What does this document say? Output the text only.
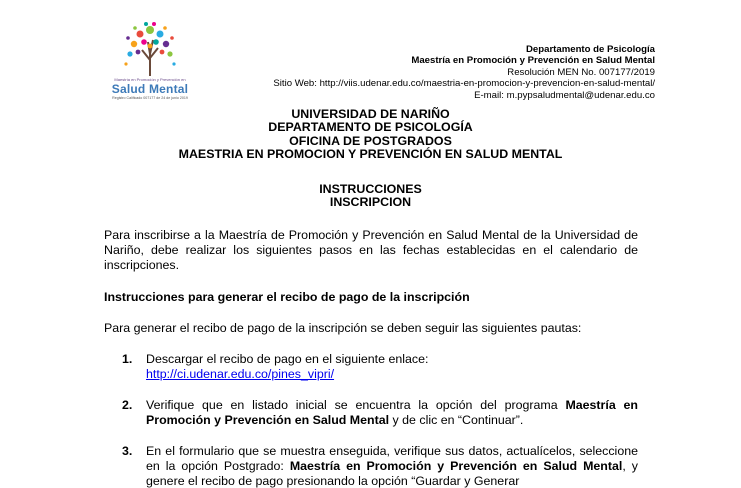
Maestría en Promoción y Prevención en
Salud Mental
Registro Calificado 007177 de 24 de junio 2019
Departamento de Psicología
Maestría en Promoción y Prevención en Salud Mental
Resolución MEN No. 007177/2019
Sitio Web: http://viis.udenar.edu.co/maestria-en-promocion-y-prevencion-en-salud-mental/
E-mail: m.pypsaludmental@udenar.edu.co
UNIVERSIDAD DE NARIÑO
DEPARTAMENTO DE PSICOLOGÍA
OFICINA DE POSTGRADOS
MAESTRIA EN PROMOCION Y PREVENCIÓN EN SALUD MENTAL
INSTRUCCIONES
INSCRIPCION
Para inscribirse a la Maestría de Promoción y Prevención en Salud Mental de la Universidad de Nariño, debe realizar los siguientes pasos en las fechas establecidas en el calendario de inscripciones.
Instrucciones para generar el recibo de pago de la inscripción
Para generar el recibo de pago de la inscripción se deben seguir las siguientes pautas:
1. Descargar el recibo de pago en el siguiente enlace:
http://ci.udenar.edu.co/pines_vipri/
2. Verifique que en listado inicial se encuentra la opción del programa Maestría en Promoción y Prevención en Salud Mental y de clic en “Continuar”.
3. En el formulario que se muestra enseguida, verifique sus datos, actualícelos, seleccione en la opción Postgrado: Maestría en Promoción y Prevención en Salud Mental, y genere el recibo de pago presionando la opción “Guardar y Generar
